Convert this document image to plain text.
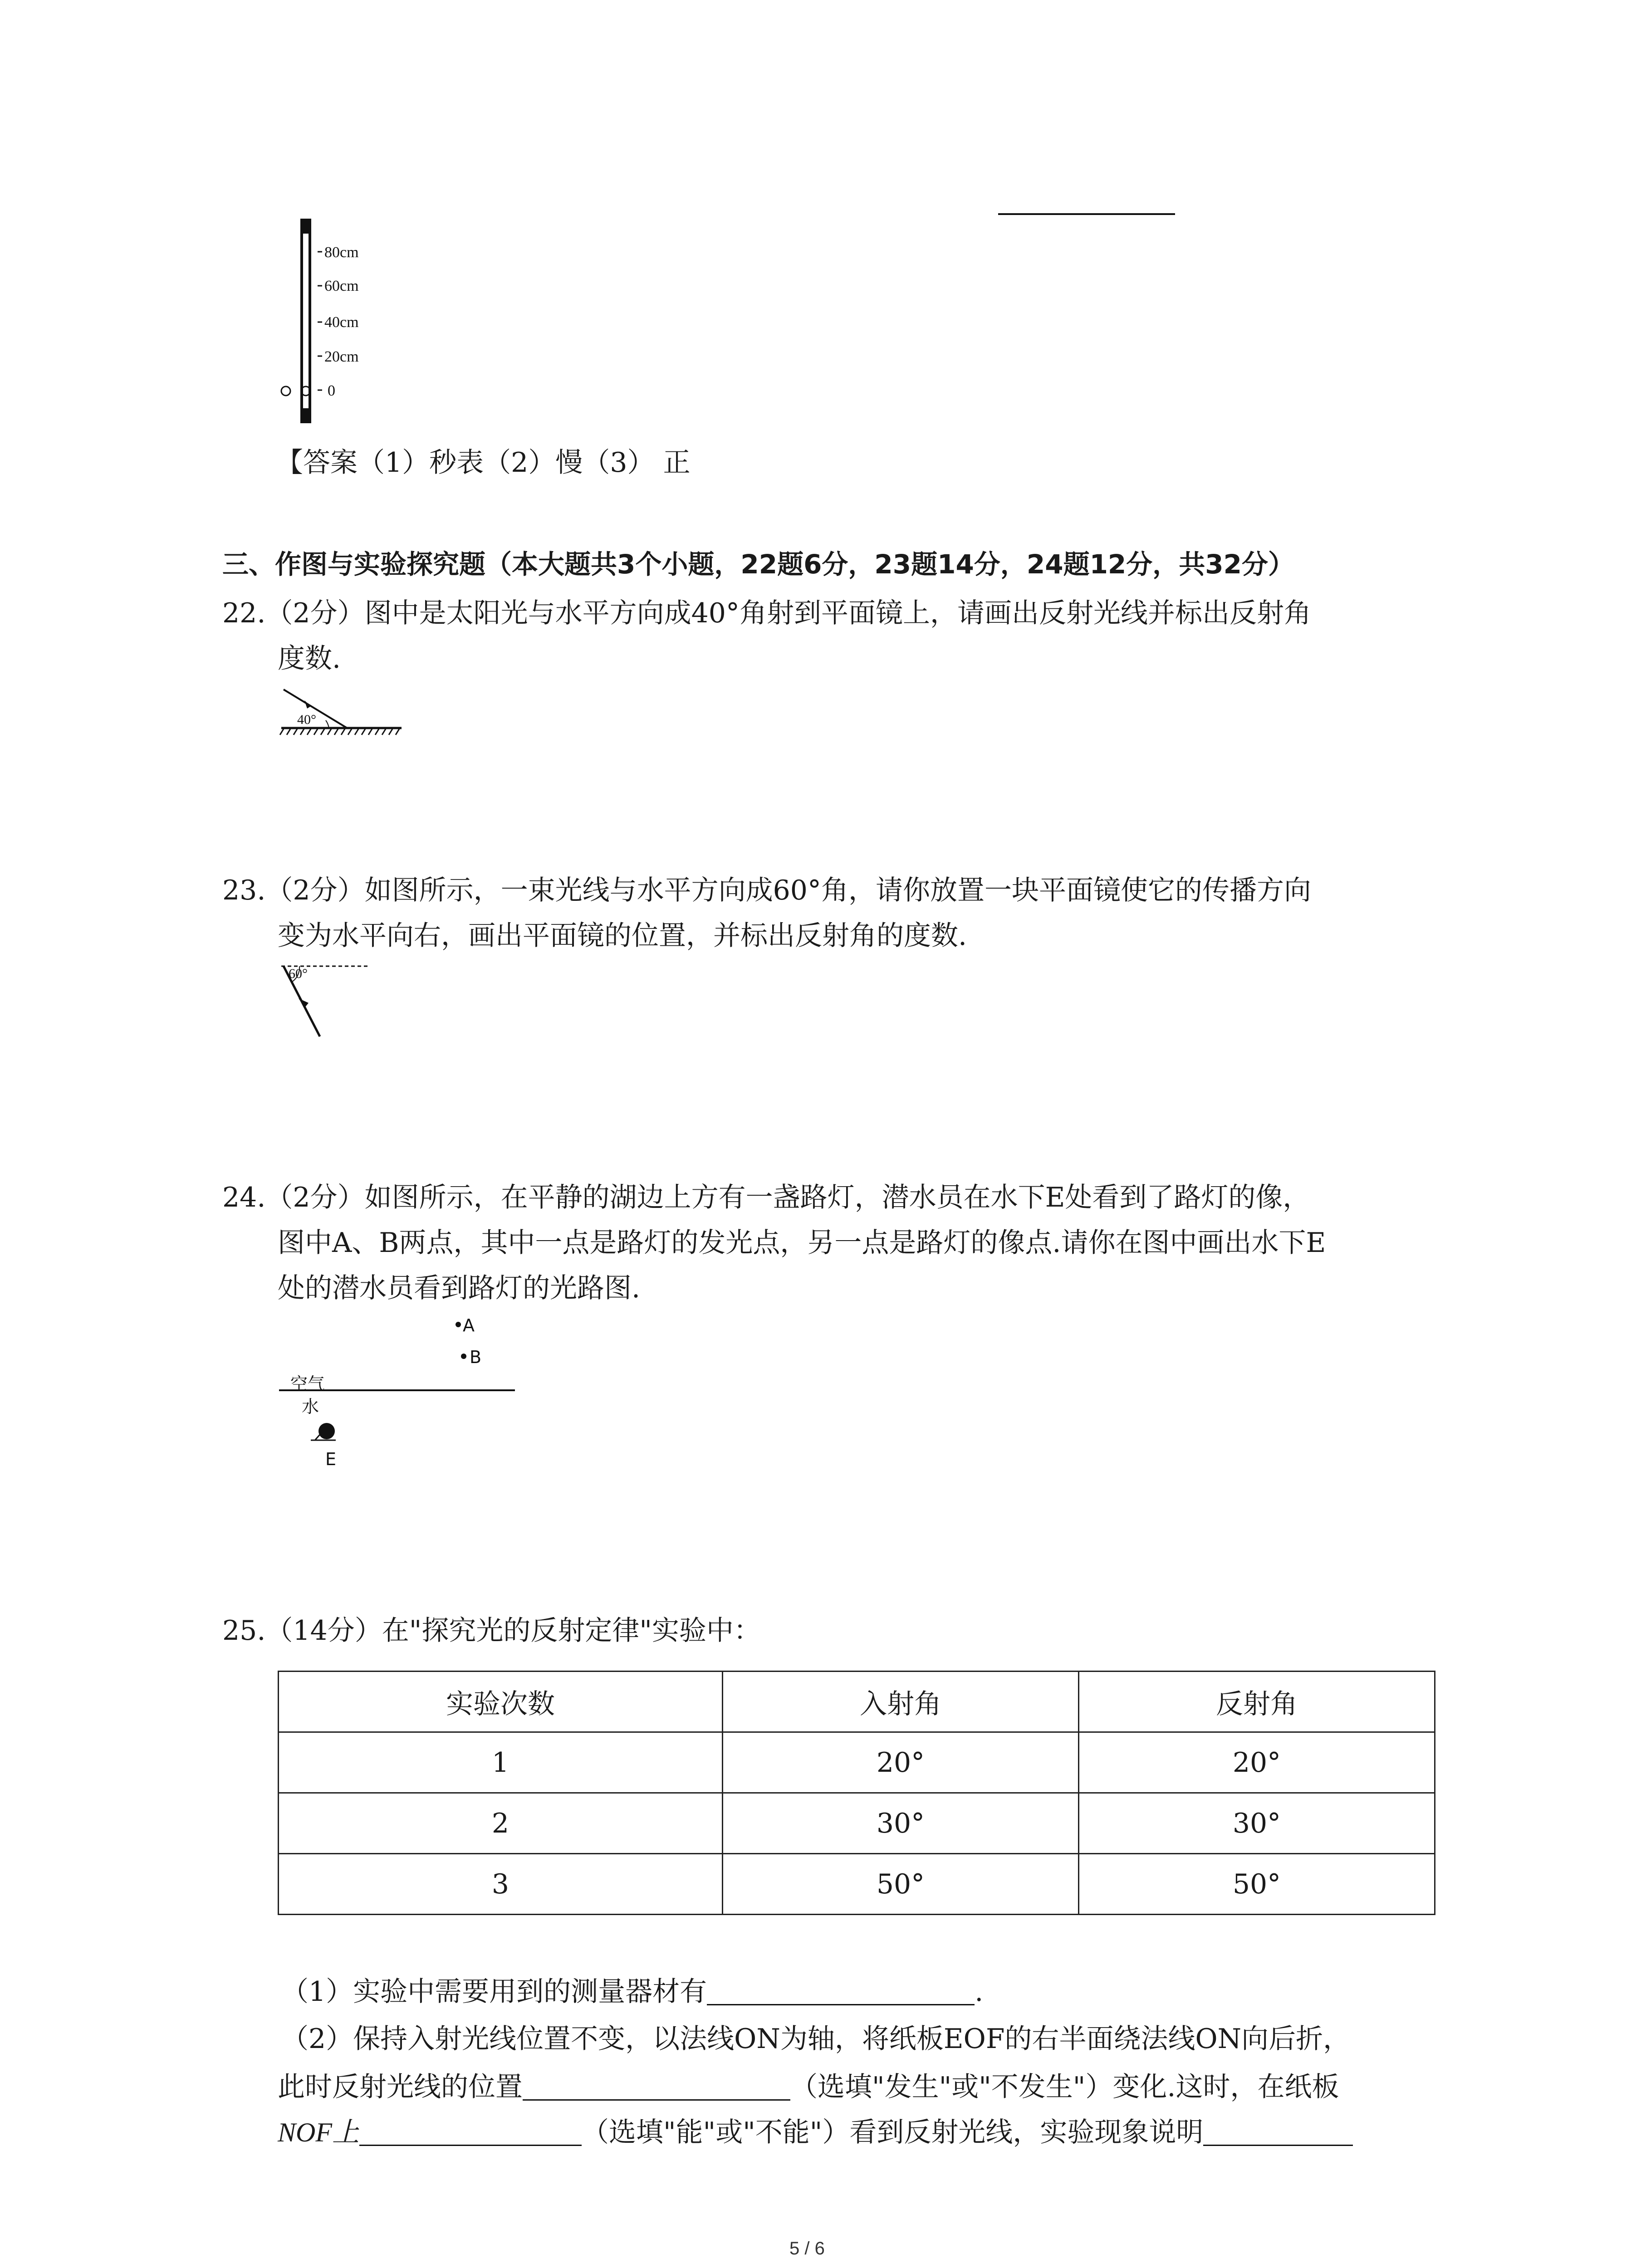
80cm
60cm
40cm
20cm
0
【答案（1）秒表（2）慢（3） 正
三、作图与实验探究题（本大题共3个小题，22题6分，23题14分，24题12分，共32分）
22.（2分）图中是太阳光与水平方向成40°角射到平面镜上，请画出反射光线并标出反射角
度数.
40°
23.（2分）如图所示，一束光线与水平方向成60°角，请你放置一块平面镜使它的传播方向
变为水平向右，画出平面镜的位置，并标出反射角的度数.
60°
24.（2分）如图所示，在平静的湖边上方有一盏路灯，潜水员在水下E处看到了路灯的像，
图中A、B两点，其中一点是路灯的发光点，另一点是路灯的像点.请你在图中画出水下E
处的潜水员看到路灯的光路图.
A
B
空气
水
E
25.（14分）在"探究光的反射定律"实验中：
实验次数	入射角	反射角
1	20°	20°
2	30°	30°
3	50°	50°
（1）实验中需要用到的测量器材有	.
（2）保持入射光线位置不变，以法线ON为轴，将纸板EOF的右半面绕法线ON向后折，
此时反射光线的位置	（选填"发生"或"不发生"）变化.这时，在纸板
NOF上	（选填"能"或"不能"）看到反射光线，实验现象说明
5 / 6
